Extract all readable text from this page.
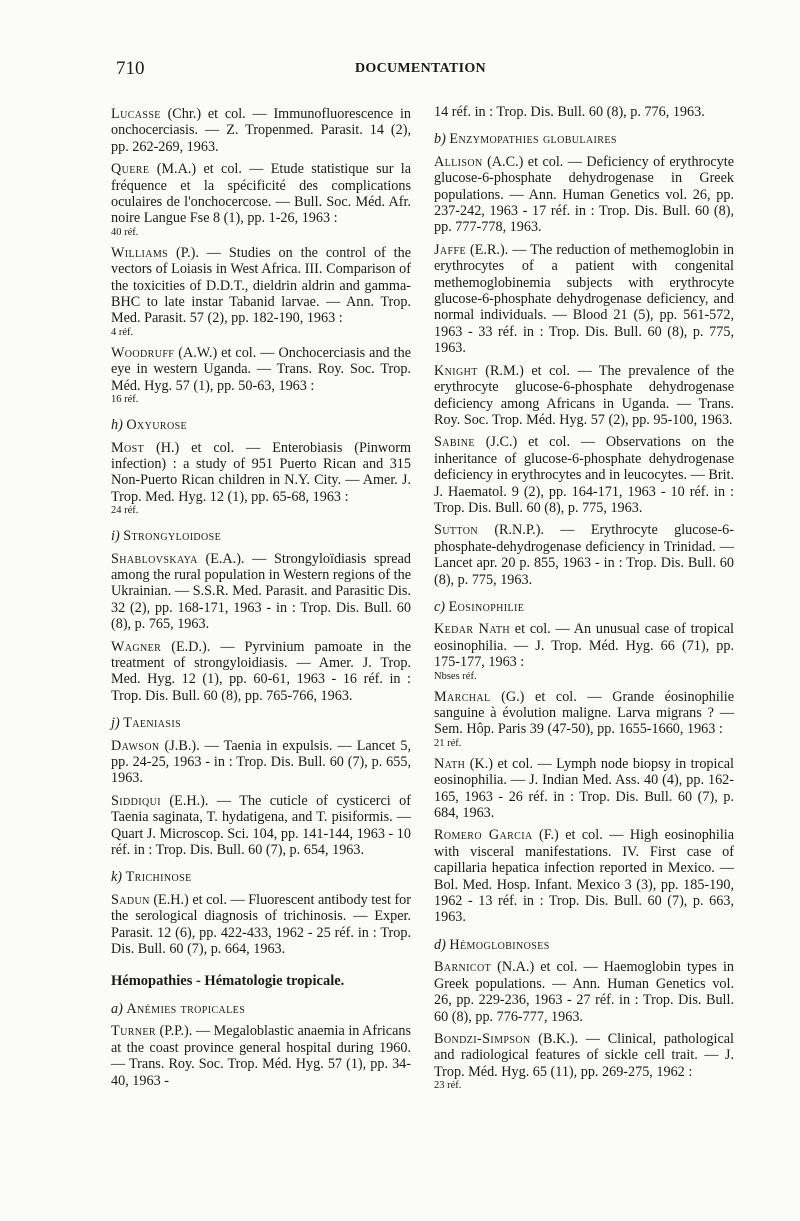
710	DOCUMENTATION
Lucasse (Chr.) et col. — Immunofluorescence in onchocerciasis. — Z. Tropenmed. Parasit. 14 (2), pp. 262-269, 1963.
Quere (M.A.) et col. — Etude statistique sur la fréquence et la spécificité des complications oculaires de l'onchocercose. — Bull. Soc. Méd. Afr. noire Langue Fse 8 (1), pp. 1-26, 1963 :
40 réf.
Williams (P.). — Studies on the control of the vectors of Loiasis in West Africa. III. Comparison of the toxicities of D.D.T., dieldrin aldrin and gamma-BHC to late instar Tabanid larvae. — Ann. Trop. Med. Parasit. 57 (2), pp. 182-190, 1963 :
4 réf.
Woodruff (A.W.) et col. — Onchocerciasis and the eye in western Uganda. — Trans. Roy. Soc. Trop. Méd. Hyg. 57 (1), pp. 50-63, 1963 :
16 réf.
h) Oxyurose
Most (H.) et col. — Enterobiasis (Pinworm infection) : a study of 951 Puerto Rican and 315 Non-Puerto Rican children in N.Y. City. — Amer. J. Trop. Med. Hyg. 12 (1), pp. 65-68, 1963 :
24 réf.
i) Strongyloidose
Shablovskaya (E.A.). — Strongyloïdiasis spread among the rural population in Western regions of the Ukrainian. — S.S.R. Med. Parasit. and Parasitic Dis. 32 (2), pp. 168-171, 1963 - in : Trop. Dis. Bull. 60 (8), p. 765, 1963.
Wagner (E.D.). — Pyrvinium pamoate in the treatment of strongyloidiasis. — Amer. J. Trop. Med. Hyg. 12 (1), pp. 60-61, 1963 - 16 réf. in : Trop. Dis. Bull. 60 (8), pp. 765-766, 1963.
j) Taeniasis
Dawson (J.B.). — Taenia in expulsis. — Lancet 5, pp. 24-25, 1963 - in : Trop. Dis. Bull. 60 (7), p. 655, 1963.
Siddiqui (E.H.). — The cuticle of cysticerci of Taenia saginata, T. hydatigena, and T. pisiformis. — Quart J. Microscop. Sci. 104, pp. 141-144, 1963 - 10 réf. in : Trop. Dis. Bull. 60 (7), p. 654, 1963.
k) Trichinose
Sadun (E.H.) et col. — Fluorescent antibody test for the serological diagnosis of trichinosis. — Exper. Parasit. 12 (6), pp. 422-433, 1962 - 25 réf. in : Trop. Dis. Bull. 60 (7), p. 664, 1963.
Hémopathies - Hématologie tropicale.
a) Anémies tropicales
Turner (P.P.). — Megaloblastic anaemia in Africans at the coast province general hospital during 1960. — Trans. Roy. Soc. Trop. Méd. Hyg. 57 (1), pp. 34-40, 1963 -
14 réf. in : Trop. Dis. Bull. 60 (8), p. 776, 1963.
b) Enzymopathies globulaires
Allison (A.C.) et col. — Deficiency of erythrocyte glucose-6-phosphate dehydrogenase in Greek populations. — Ann. Human Genetics vol. 26, pp. 237-242, 1963 - 17 réf. in : Trop. Dis. Bull. 60 (8), pp. 777-778, 1963.
Jaffe (E.R.). — The reduction of methemoglobin in erythrocytes of a patient with congenital methemoglobinemia subjects with erythrocyte glucose-6-phosphate dehydrogenase deficiency, and normal individuals. — Blood 21 (5), pp. 561-572, 1963 - 33 réf. in : Trop. Dis. Bull. 60 (8), p. 775, 1963.
Knight (R.M.) et col. — The prevalence of the erythrocyte glucose-6-phosphate dehydrogenase deficiency among Africans in Uganda. — Trans. Roy. Soc. Trop. Méd. Hyg. 57 (2), pp. 95-100, 1963.
Sabine (J.C.) et col. — Observations on the inheritance of glucose-6-phosphate dehydrogenase deficiency in erythrocytes and in leucocytes. — Brit. J. Haematol. 9 (2), pp. 164-171, 1963 - 10 réf. in : Trop. Dis. Bull. 60 (8), p. 775, 1963.
Sutton (R.N.P.). — Erythrocyte glucose-6-phosphate-dehydrogenase deficiency in Trinidad. — Lancet apr. 20 p. 855, 1963 - in : Trop. Dis. Bull. 60 (8), p. 775, 1963.
c) Eosinophilie
Kedar Nath et col. — An unusual case of tropical eosinophilia. — J. Trop. Méd. Hyg. 66 (71), pp. 175-177, 1963 :
Nbses réf.
Marchal (G.) et col. — Grande éosinophilie sanguine à évolution maligne. Larva migrans ? — Sem. Hôp. Paris 39 (47-50), pp. 1655-1660, 1963 :
21 réf.
Nath (K.) et col. — Lymph node biopsy in tropical eosinophilia. — J. Indian Med. Ass. 40 (4), pp. 162-165, 1963 - 26 réf. in : Trop. Dis. Bull. 60 (7), p. 684, 1963.
Romero Garcia (F.) et col. — High eosinophilia with visceral manifestations. IV. First case of capillaria hepatica infection reported in Mexico. — Bol. Med. Hosp. Infant. Mexico 3 (3), pp. 185-190, 1962 - 13 réf. in : Trop. Dis. Bull. 60 (7), p. 663, 1963.
d) Hémoglobinoses
Barnicot (N.A.) et col. — Haemoglobin types in Greek populations. — Ann. Human Genetics vol. 26, pp. 229-236, 1963 - 27 réf. in : Trop. Dis. Bull. 60 (8), pp. 776-777, 1963.
Bondzi-Simpson (B.K.). — Clinical, pathological and radiological features of sickle cell trait. — J. Trop. Méd. Hyg. 65 (11), pp. 269-275, 1962 :
23 réf.
